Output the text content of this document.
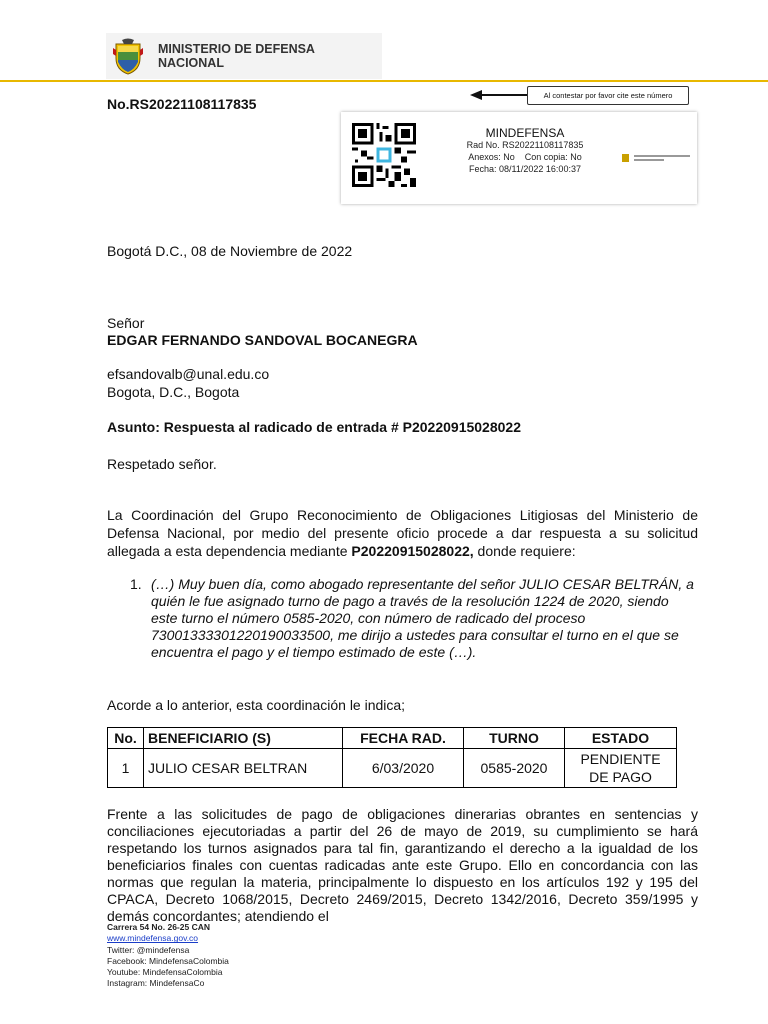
MINISTERIO DE DEFENSA
NACIONAL
No.RS20221108117835
Al contestar por favor cite este número
MINDEFENSA
Rad No. RS20221108117835
Anexos: No    Con copia: No
Fecha: 08/11/2022 16:00:37
Bogotá D.C., 08 de Noviembre de 2022
Señor
EDGAR FERNANDO SANDOVAL BOCANEGRA
efsandovalb@unal.edu.co
Bogota, D.C., Bogota
Asunto: Respuesta al radicado de entrada # P20220915028022
Respetado señor.
La Coordinación del Grupo Reconocimiento de Obligaciones Litigiosas del Ministerio de Defensa Nacional, por medio del presente oficio procede a dar respuesta a su solicitud allegada a esta dependencia mediante P20220915028022, donde requiere:
1. (…) Muy buen día, como abogado representante del señor JULIO CESAR BELTRÁN, a quién le fue asignado turno de pago a través de la resolución 1224 de 2020, siendo este turno el número 0585-2020, con número de radicado del proceso 73001333301220190033500, me dirijo a ustedes para consultar el turno en el que se encuentra el pago y el tiempo estimado de este (…).
Acorde a lo anterior, esta coordinación le indica;
No.	BENEFICIARIO (S)	FECHA RAD.	TURNO	ESTADO
1	JULIO CESAR BELTRAN	6/03/2020	0585-2020	PENDIENTE DE PAGO
Frente a las solicitudes de pago de obligaciones dinerarias obrantes en sentencias y conciliaciones ejecutoriadas a partir del 26 de mayo de 2019, su cumplimiento se hará respetando los turnos asignados para tal fin, garantizando el derecho a la igualdad de los beneficiarios finales con cuentas radicadas ante este Grupo. Ello en concordancia con las normas que regulan la materia, principalmente lo dispuesto en los artículos 192 y 195 del CPACA, Decreto 1068/2015, Decreto 2469/2015, Decreto 1342/2016, Decreto 359/1995 y demás concordantes; atendiendo el
Carrera 54 No. 26-25 CAN
www.mindefensa.gov.co
Twitter: @mindefensa
Facebook: MindefensaColombia
Youtube: MindefensaColombia
Instagram: MindefensaCo
